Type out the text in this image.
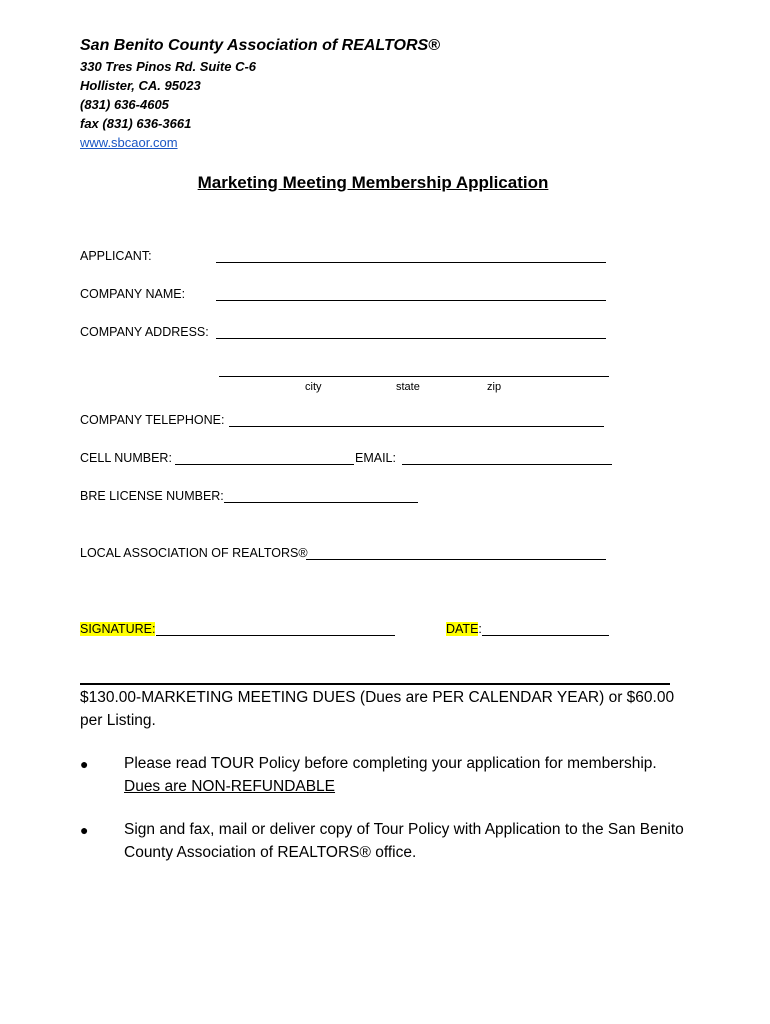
San Benito County Association of REALTORS®
330 Tres Pinos Rd. Suite C-6
Hollister, CA. 95023
(831) 636-4605
fax (831) 636-3661
www.sbcaor.com
Marketing Meeting Membership Application
APPLICANT:
COMPANY NAME:
COMPANY ADDRESS:
city	state	zip
COMPANY TELEPHONE:
CELL NUMBER:	EMAIL:
BRE LICENSE NUMBER:
LOCAL ASSOCIATION OF REALTORS®
SIGNATURE:	DATE:
$130.00-MARKETING MEETING DUES (Dues are PER CALENDAR YEAR) or $60.00 per Listing.
● Please read TOUR Policy before completing your application for membership. Dues are NON-REFUNDABLE
● Sign and fax, mail or deliver copy of Tour Policy with Application to the San Benito County Association of REALTORS® office.
